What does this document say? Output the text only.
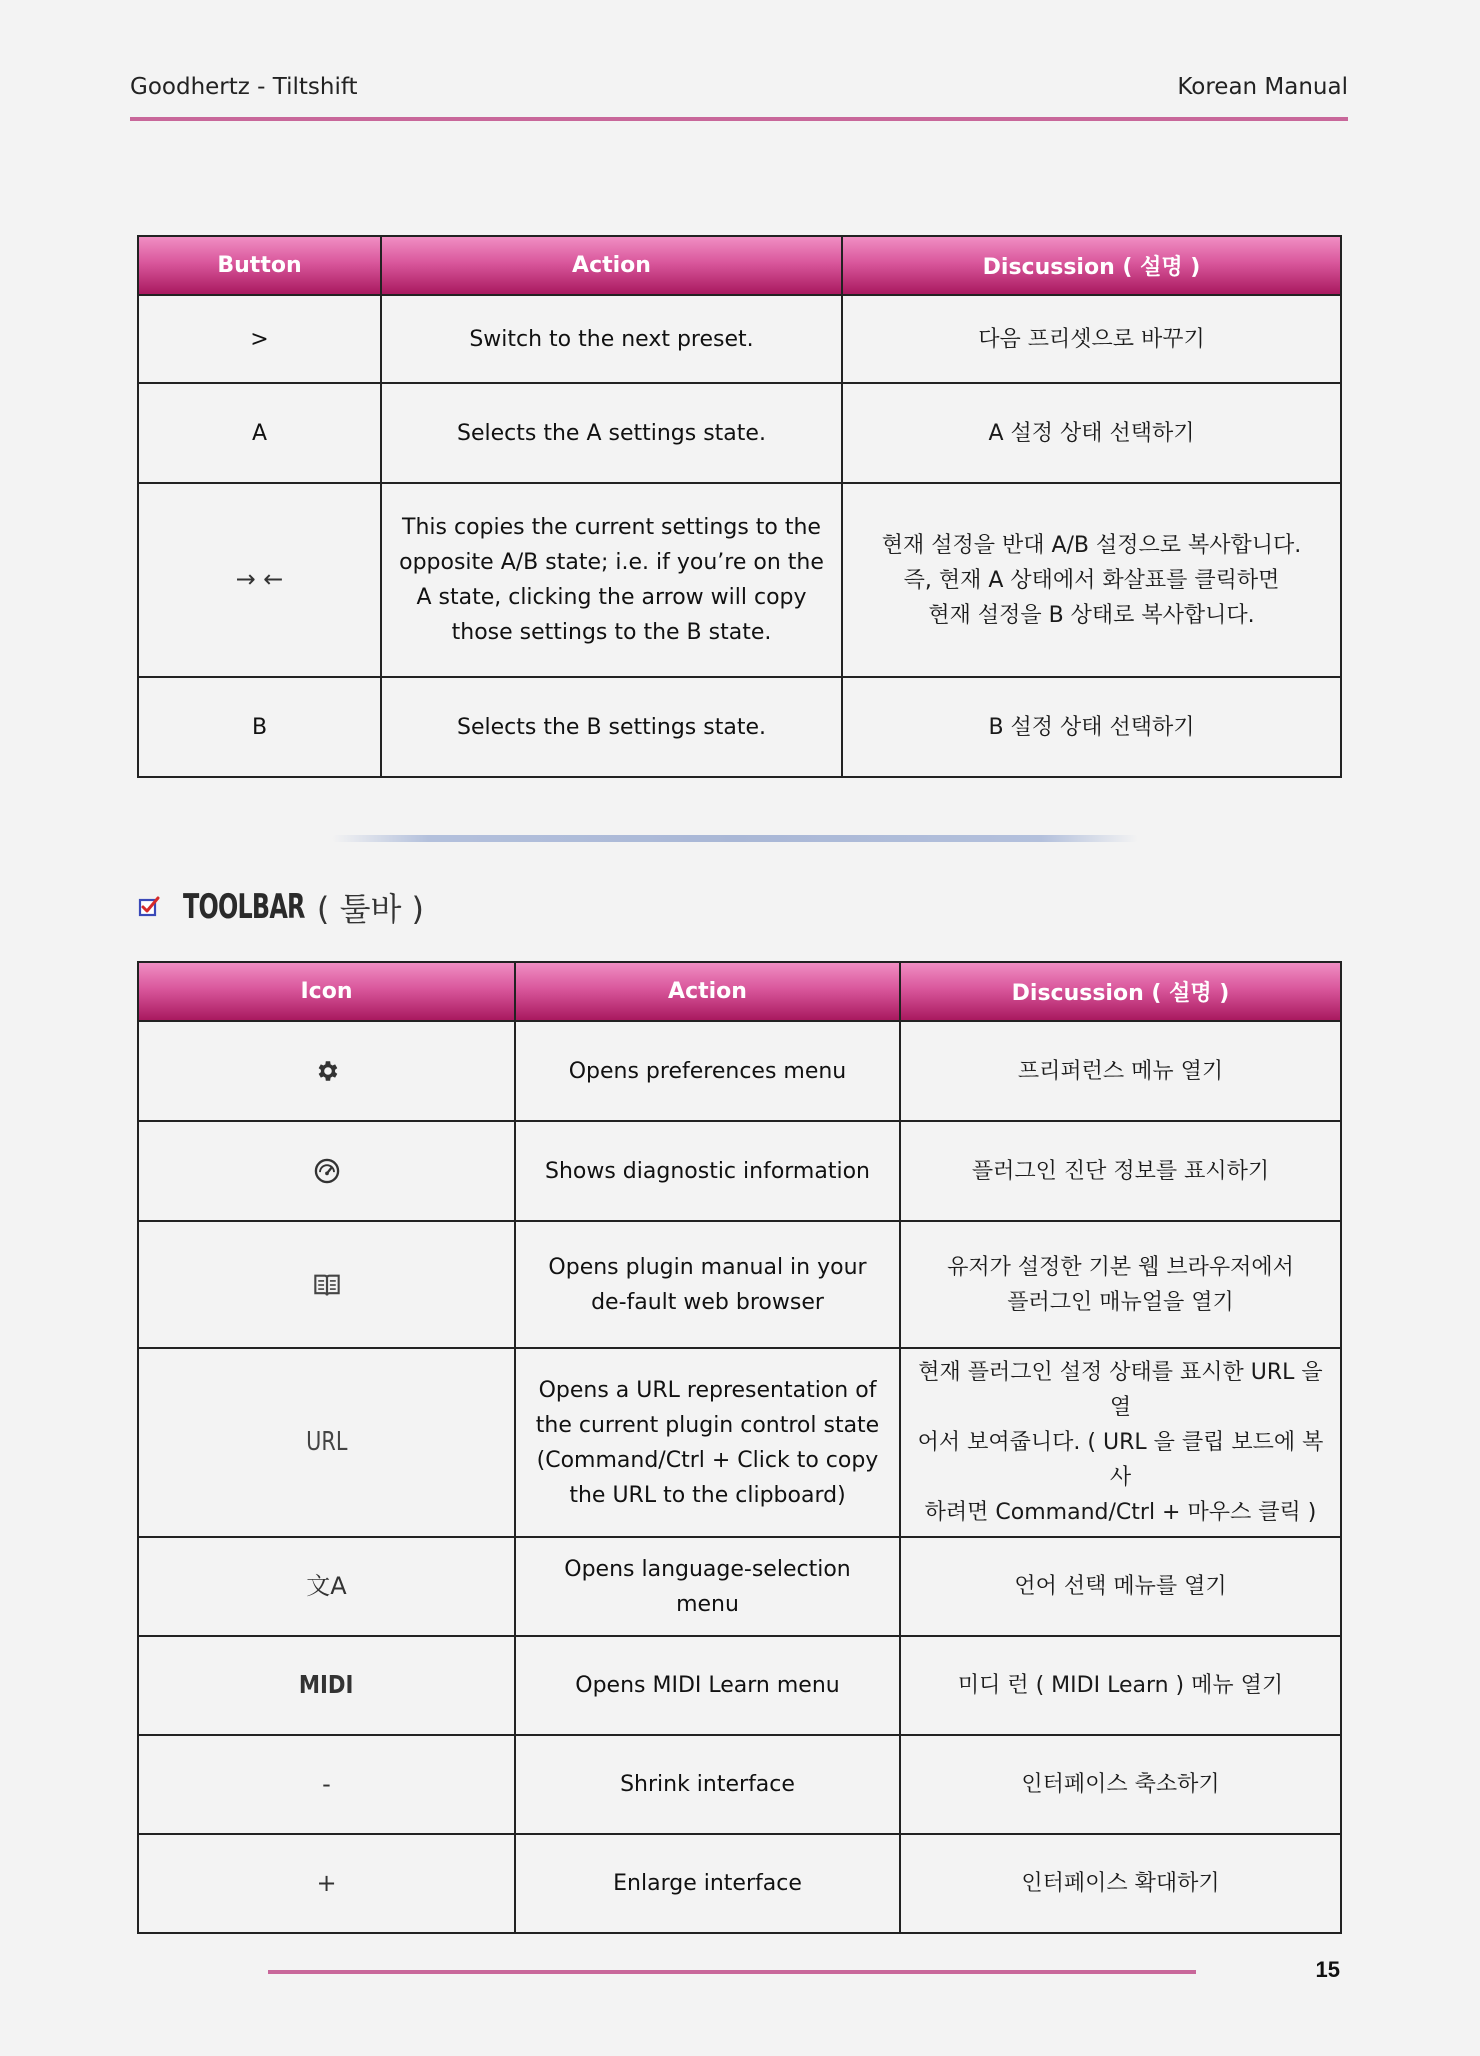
Goodhertz - Tiltshift	Korean Manual
Button	Action	Discussion ( 설명 )
>	Switch to the next preset.	다음 프리셋으로 바꾸기
A	Selects the A settings state.	A 설정 상태 선택하기
→ ←	This copies the current settings to the opposite A/B state; i.e. if you’re on the A state, clicking the arrow will copy those settings to the B state.	현재 설정을 반대 A/B 설정으로 복사합니다.
즉, 현재 A 상태에서 화살표를 클릭하면
현재 설정을 B 상태로 복사합니다.
B	Selects the B settings state.	B 설정 상태 선택하기
TOOLBAR ( 툴바 )
Icon	Action	Discussion ( 설명 )

	Opens preferences menu	프리퍼런스 메뉴 열기

	Shows diagnostic information	플러그인 진단 정보를 표시하기

	Opens plugin manual in your de-fault web browser	유저가 설정한 기본 웹 브라우저에서
플러그인 매뉴얼을 열기
URL	Opens a URL representation of the current plugin control state (Command/Ctrl + Click to copy the URL to the clipboard)	현재 플러그인 설정 상태를 표시한 URL 을 열
어서 보여줍니다. ( URL 을 클립 보드에 복사
하려면 Command/Ctrl + 마우스 클릭 )
文A	Opens language-selection menu	언어 선택 메뉴를 열기
MIDI	Opens MIDI Learn menu	미디 런 ( MIDI Learn ) 메뉴 열기
-	Shrink interface	인터페이스 축소하기
+	Enlarge interface	인터페이스 확대하기
15
